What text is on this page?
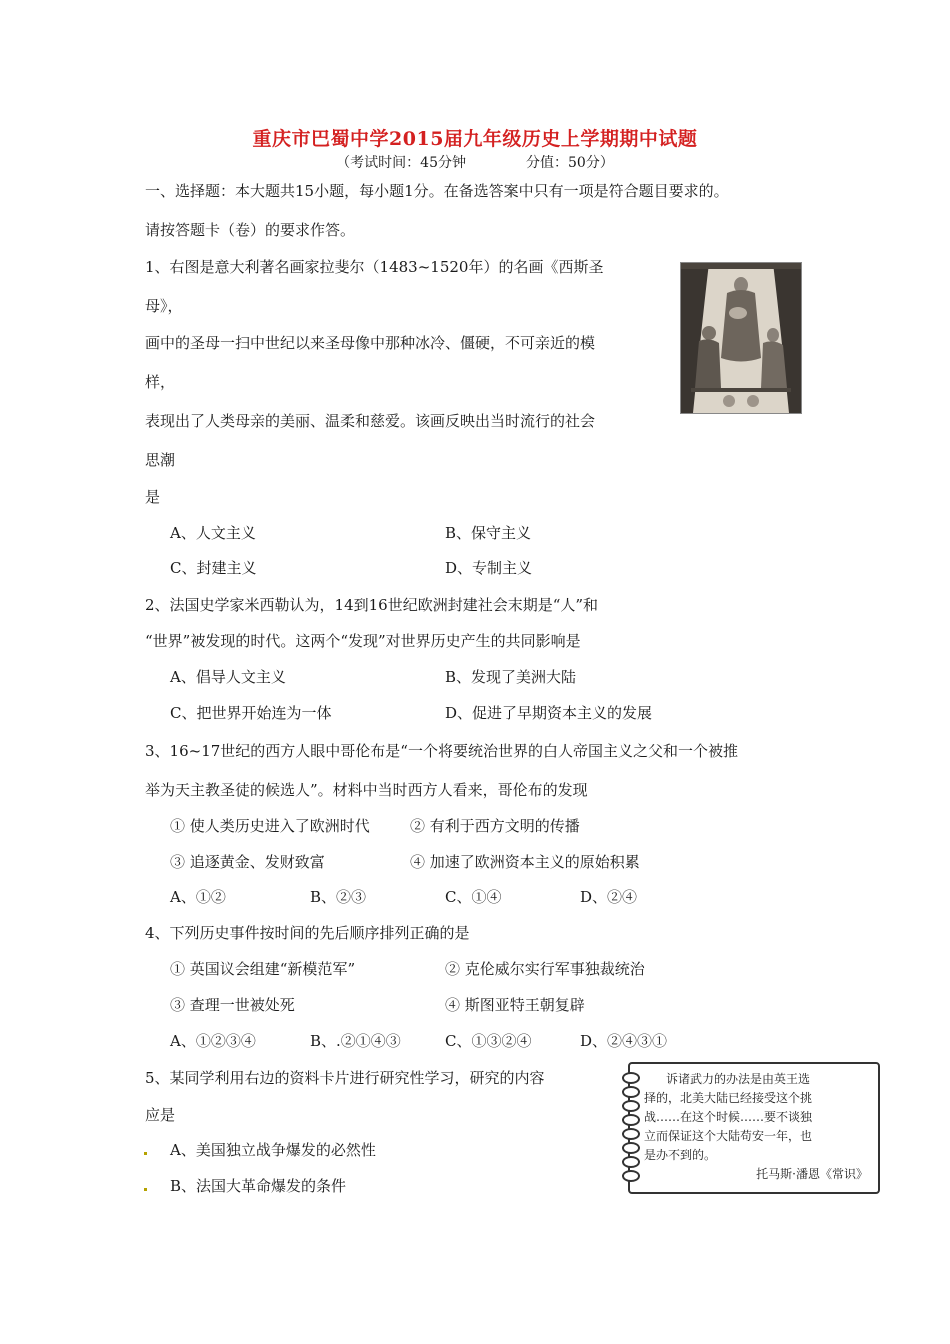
重庆市巴蜀中学2015届九年级历史上学期期中试题
（考试时间：45分钟	分值：50分）
一、选择题：本大题共15小题，每小题1分。在备选答案中只有一项是符合题目要求的。
请按答题卡（卷）的要求作答。
1、右图是意大利著名画家拉斐尔（1483~1520年）的名画《西斯圣
母》，
画中的圣母一扫中世纪以来圣母像中那种冰冷、僵硬，不可亲近的模
样，
表现出了人类母亲的美丽、温柔和慈爱。该画反映出当时流行的社会
思潮
是
A、人文主义	B、保守主义
C、封建主义	D、专制主义
2、法国史学家米西勒认为，14到16世纪欧洲封建社会末期是“人”和
“世界”被发现的时代。这两个“发现”对世界历史产生的共同影响是
A、倡导人文主义	B、发现了美洲大陆
C、把世界开始连为一体	D、促进了早期资本主义的发展
3、16~17世纪的西方人眼中哥伦布是“一个将要统治世界的白人帝国主义之父和一个被推
举为天主教圣徒的候选人”。材料中当时西方人看来，哥伦布的发现
① 使人类历史进入了欧洲时代	② 有利于西方文明的传播
③ 追逐黄金、发财致富	④ 加速了欧洲资本主义的原始积累
A、①②	B、②③	C、①④	D、②④
4、下列历史事件按时间的先后顺序排列正确的是
① 英国议会组建“新模范军”	② 克伦威尔实行军事独裁统治
③ 查理一世被处死	④ 斯图亚特王朝复辟
A、①②③④	B、.②①④③	C、①③②④	D、②④③①
5、某同学利用右边的资料卡片进行研究性学习，研究的内容
应是
A、美国独立战争爆发的必然性
B、法国大革命爆发的条件
诉诸武力的办法是由英王选
择的，北美大陆已经接受这个挑
战……在这个时候……要不谈独
立而保证这个大陆苟安一年，也
是办不到的。
托马斯·潘恩《常识》
